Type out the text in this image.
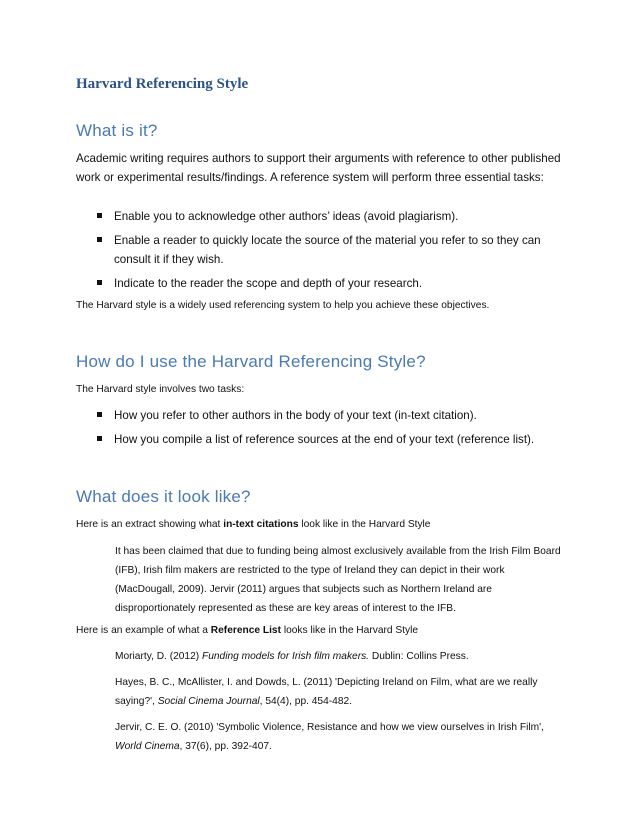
Harvard Referencing Style
What is it?

Academic writing requires authors to support their arguments with reference to other published work or experimental results/findings. A reference system will perform three essential tasks:

Enable you to acknowledge other authors’ ideas (avoid plagiarism).
Enable a reader to quickly locate the source of the material you refer to so they can consult it if they wish.
Indicate to the reader the scope and depth of your research.

The Harvard style is a widely used referencing system to help you achieve these objectives.

How do I use the Harvard Referencing Style?

The Harvard style involves two tasks:

How you refer to other authors in the body of your text (in-text citation).
How you compile a list of reference sources at the end of your text (reference list).
What does it look like?

Here is an extract showing what in-text citations look like in the Harvard Style

It has been claimed that due to funding being almost exclusively available from the Irish Film Board (IFB), Irish film makers are restricted to the type of Ireland they can depict in their work (MacDougall, 2009). Jervir (2011) argues that subjects such as Northern Ireland are disproportionately represented as these are key areas of interest to the IFB.

Here is an example of what a Reference List looks like in the Harvard Style

Moriarty, D. (2012) Funding models for Irish film makers. Dublin: Collins Press.

Hayes, B. C., McAllister, I. and Dowds, L. (2011) 'Depicting Ireland on Film, what are we really saying?', Social Cinema Journal, 54(4), pp. 454-482.

Jervir, C. E. O. (2010) 'Symbolic Violence, Resistance and how we view ourselves in Irish Film', World Cinema, 37(6), pp. 392-407.
